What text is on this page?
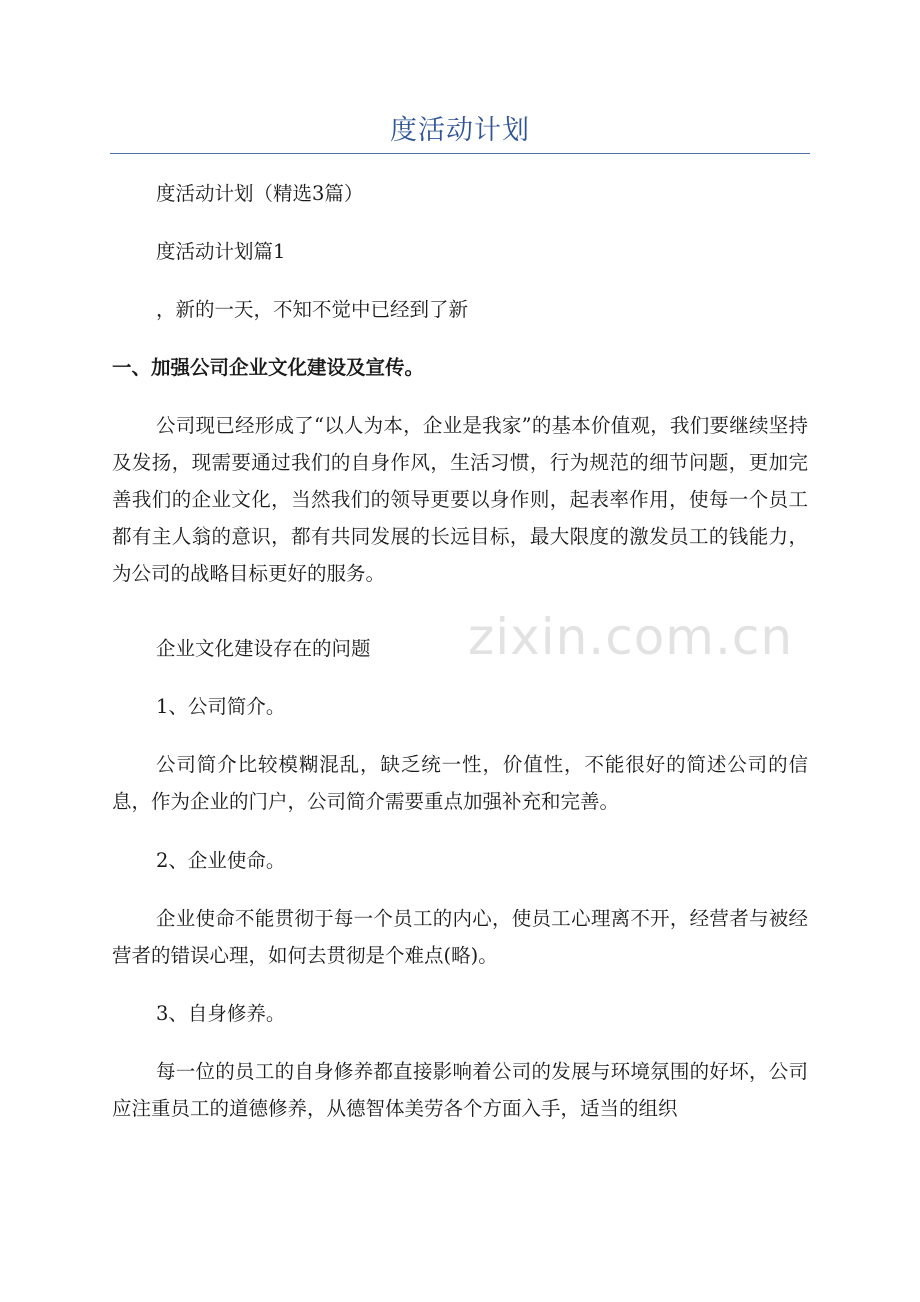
度活动计划

度活动计划（精选3篇）

度活动计划篇1

，新的一天，不知不觉中已经到了新

一、加强公司企业文化建设及宣传。

公司现已经形成了“以人为本，企业是我家”的基本价值观，我们要继续坚持及发扬，现需要通过我们的自身作风，生活习惯，行为规范的细节问题，更加完善我们的企业文化，当然我们的领导更要以身作则，起表率作用，使每一个员工都有主人翁的意识，都有共同发展的长远目标，最大限度的激发员工的钱能力，为公司的战略目标更好的服务。

企业文化建设存在的问题

1、公司简介。

公司简介比较模糊混乱，缺乏统一性，价值性，不能很好的简述公司的信息，作为企业的门户，公司简介需要重点加强补充和完善。

2、企业使命。

企业使命不能贯彻于每一个员工的内心，使员工心理离不开，经营者与被经营者的错误心理，如何去贯彻是个难点(略)。

3、自身修养。

每一位的员工的自身修养都直接影响着公司的发展与环境氛围的好坏，公司应注重员工的道德修养，从德智体美劳各个方面入手，适当的组织

zixin.com.cn
